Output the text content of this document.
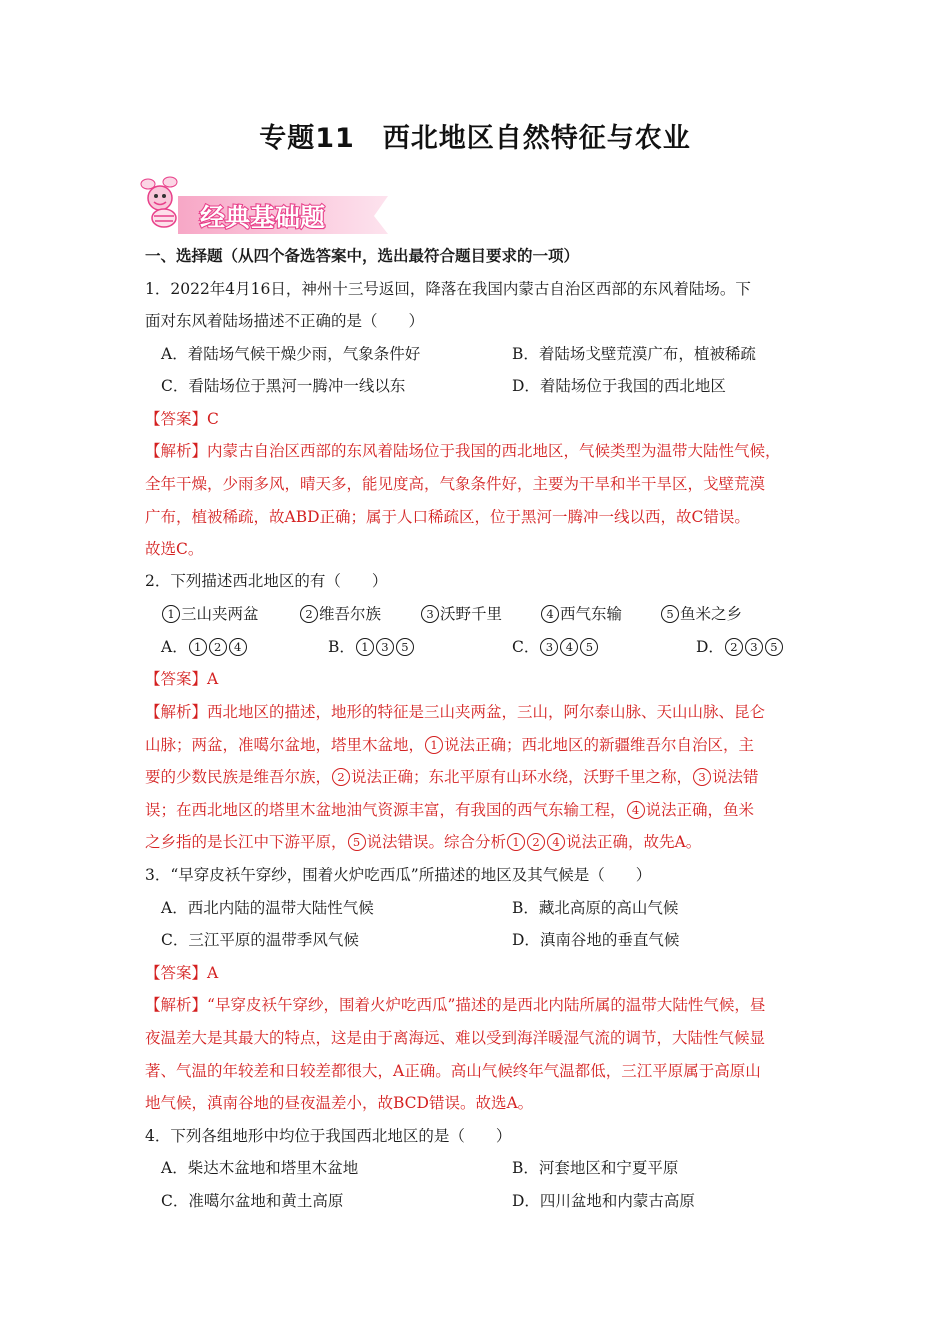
专题11　西北地区自然特征与农业
经典基础题
一、选择题（从四个备选答案中，选出最符合题目要求的一项）
1．2022年4月16日，神州十三号返回，降落在我国内蒙古自治区西部的东风着陆场。下
面对东风着陆场描述不正确的是（　　）
A．着陆场气候干燥少雨，气象条件好	B．着陆场戈壁荒漠广布，植被稀疏
C．看陆场位于黑河一腾冲一线以东	D．着陆场位于我国的西北地区
【答案】C
【解析】内蒙古自治区西部的东风着陆场位于我国的西北地区，气候类型为温带大陆性气候，
全年干燥，少雨多风，晴天多，能见度高，气象条件好，主要为干旱和半干旱区，戈壁荒漠
广布，植被稀疏，故ABD正确；属于人口稀疏区，位于黑河一腾冲一线以西，故C错误。
故选C。
2．下列描述西北地区的有（　　）
1 三山夹两盆	2 维吾尔族	3 沃野千里	4 西气东输	5 鱼米之乡
A． 1 2 4	B． 1 3 5	C． 3 4 5	D． 2 3 5
【答案】A
【解析】西北地区的描述，地形的特征是三山夹两盆，三山，阿尔泰山脉、天山山脉、昆仑
山脉；两盆，准噶尔盆地，塔里木盆地， 1 说法正确；西北地区的新疆维吾尔自治区，主
要的少数民族是维吾尔族， 2 说法正确；东北平原有山环水绕，沃野千里之称， 3 说法错
误；在西北地区的塔里木盆地油气资源丰富，有我国的西气东输工程， 4 说法正确，鱼米
之乡指的是长江中下游平原， 5 说法错误。综合分析 1 2 4 说法正确，故先A。
3．“早穿皮袄午穿纱，围着火炉吃西瓜”所描述的地区及其气候是（　　）
A．西北内陆的温带大陆性气候	B．藏北高原的高山气候
C．三江平原的温带季风气候	D．滇南谷地的垂直气候
【答案】A
【解析】“早穿皮袄午穿纱，围着火炉吃西瓜”描述的是西北内陆所属的温带大陆性气候，昼
夜温差大是其最大的特点，这是由于离海远、难以受到海洋暖湿气流的调节，大陆性气候显
著、气温的年较差和日较差都很大，A正确。高山气候终年气温都低，三江平原属于高原山
地气候，滇南谷地的昼夜温差小，故BCD错误。故选A。
4．下列各组地形中均位于我国西北地区的是（　　）
A．柴达木盆地和塔里木盆地	B．河套地区和宁夏平原
C．准噶尔盆地和黄土高原	D．四川盆地和内蒙古高原
